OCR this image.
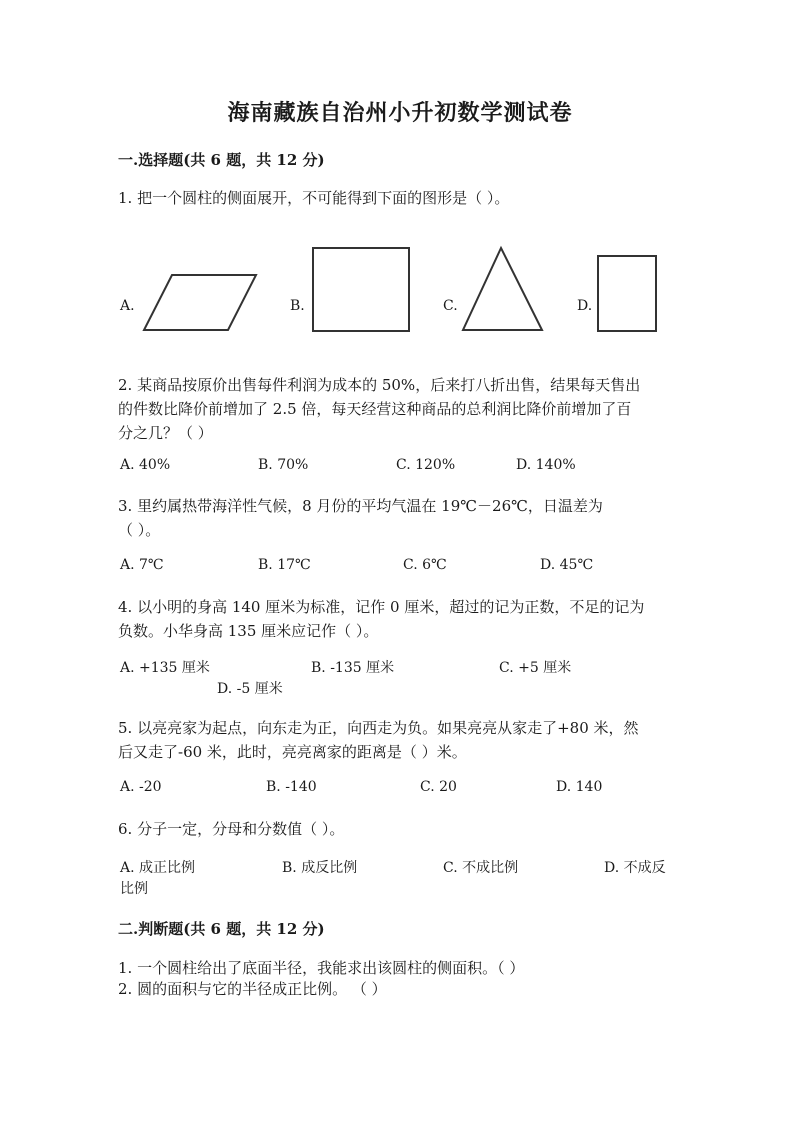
海南藏族自治州小升初数学测试卷
一.选择题(共 6 题，共 12 分)
1. 把一个圆柱的侧面展开，不可能得到下面的图形是（ ）。
A.	B.	C.	D.
2. 某商品按原价出售每件利润为成本的 50%，后来打八折出售，结果每天售出
的件数比降价前增加了 2.5 倍，每天经营这种商品的总利润比降价前增加了百
分之几？（ ）
A. 40%	B. 70%	C. 120%	D. 140%
3. 里约属热带海洋性气候，8 月份的平均气温在 19℃－26℃，日温差为
（ ）。
A. 7℃	B. 17℃	C. 6℃	D. 45℃
4. 以小明的身高 140 厘米为标准，记作 0 厘米，超过的记为正数，不足的记为
负数。小华身高 135 厘米应记作（ ）。
A. +135 厘米	B. -135 厘米	C. +5 厘米
D. -5 厘米
5. 以亮亮家为起点，向东走为正，向西走为负。如果亮亮从家走了+80 米，然
后又走了-60 米，此时，亮亮离家的距离是（ ）米。
A. -20	B. -140	C. 20	D. 140
6. 分子一定，分母和分数值（ ）。
A. 成正比例	B. 成反比例	C. 不成比例	D. 不成反
比例
二.判断题(共 6 题，共 12 分)
1. 一个圆柱给出了底面半径，我能求出该圆柱的侧面积。（ ）
2. 圆的面积与它的半径成正比例。 （ ）
